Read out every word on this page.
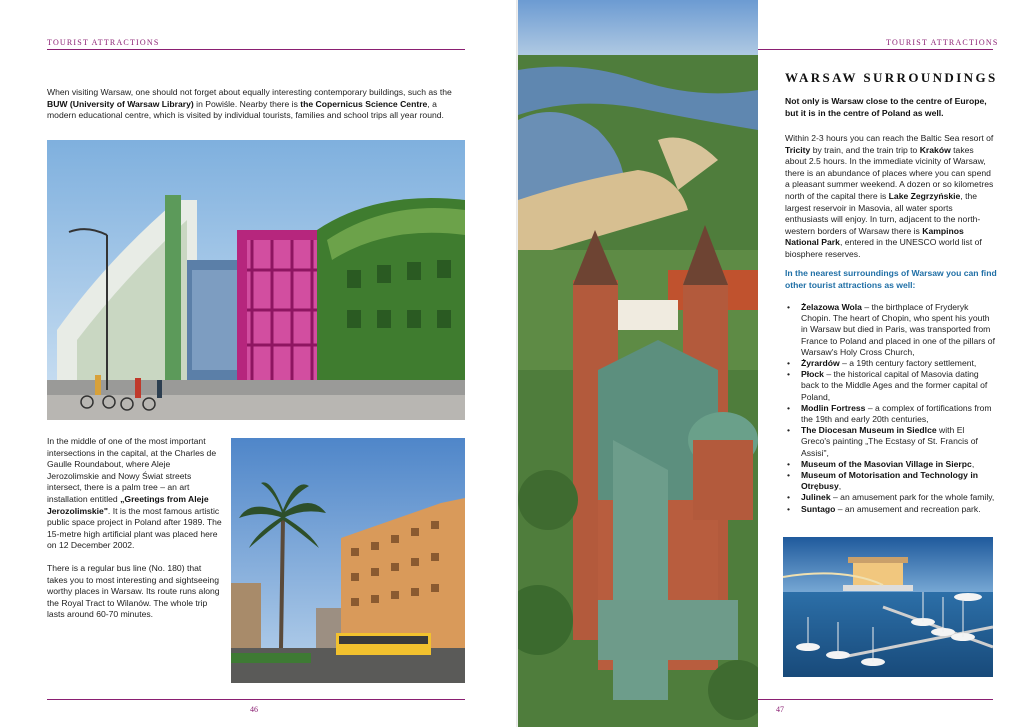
TOURIST ATTRACTIONS

When visiting Warsaw, one should not forget about equally interesting contemporary buildings, such as the BUW (University of Warsaw Library) in Powiśle. Nearby there is the Copernicus Science Centre, a modern educational centre, which is visited by individual tourists, families and school trips all year round.

In the middle of one of the most important intersections in the capital, at the Charles de Gaulle Roundabout, where Aleje Jerozolimskie and Nowy Świat streets intersect, there is a palm tree – an art installation entitled „Greetings from Aleje Jerozolimskie". It is the most famous artistic public space project in Poland after 1989. The 15-metre high artificial plant was placed here on 12 December 2002.

There is a regular bus line (No. 180) that takes you to most interesting and sightseeing worthy places in Warsaw. Its route runs along the Royal Tract to Wilanów. The whole trip lasts around 60-70 minutes.

46
TOURIST ATTRACTIONS
WARSAW SURROUNDINGS
Not only is Warsaw close to the centre of Europe, but it is in the centre of Poland as well.

Within 2-3 hours you can reach the Baltic Sea resort of Tricity by train, and the train trip to Kraków takes about 2.5 hours. In the immediate vicinity of Warsaw, there is an abundance of places where you can spend a pleasant summer weekend. A dozen or so kilometres north of the capital there is Lake Zegrzyńskie, the largest reservoir in Masovia, all water sports enthusiasts will enjoy. In turn, adjacent to the north-western borders of Warsaw there is Kampinos National Park, entered in the UNESCO world list of biosphere reserves.

In the nearest surroundings of Warsaw you can find other tourist attractions as well:
• Żelazowa Wola – the birthplace of Fryderyk Chopin. The heart of Chopin, who spent his youth in Warsaw but died in Paris, was transported from France to Poland and placed in one of the pillars of Warsaw's Holy Cross Church,
• Żyrardów – a 19th century factory settlement,
• Płock – the historical capital of Masovia dating back to the Middle Ages and the former capital of Poland,
• Modlin Fortress – a complex of fortifications from the 19th and early 20th centuries,
• The Diocesan Museum in Siedlce with El Greco's painting „The Ecstasy of St. Francis of Assisi",
• Museum of the Masovian Village in Sierpc,
• Museum of Motorisation and Technology in Otrębusy,
• Julinek – an amusement park for the whole family,
• Suntago – an amusement and recreation park.
47
